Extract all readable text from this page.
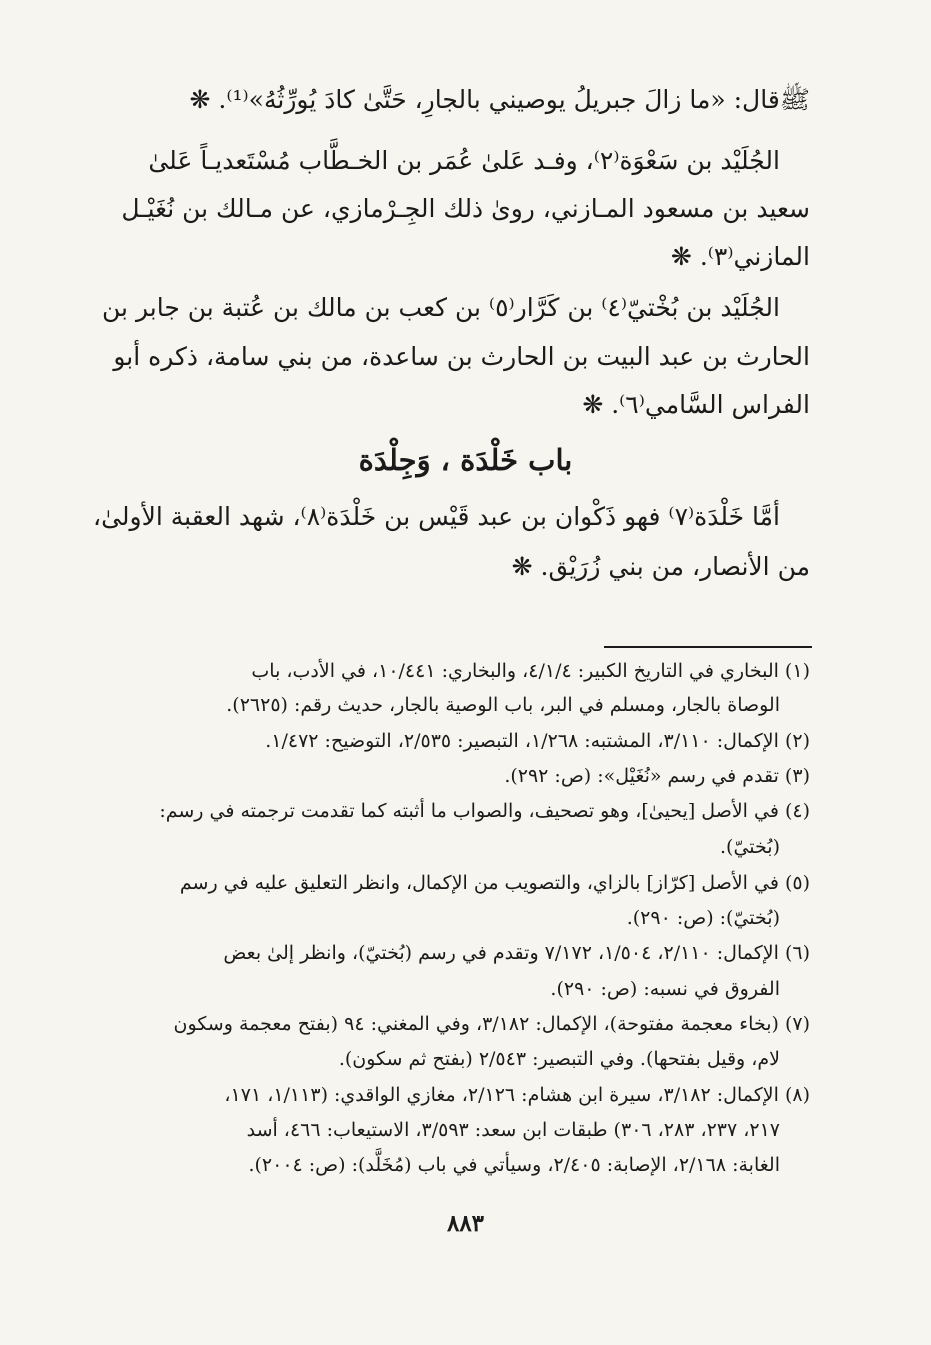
ﷺقال: «ما زالَ جبريلُ يوصيني بالجارِ، حَتَّىٰ كادَ يُورِّثُهُ»⁽¹⁾. ❋
الجُلَيْد بن سَعْوَة⁽٢⁾، وفـد عَلىٰ عُمَر بن الخـطَّاب مُسْتَعديـاً عَلىٰ
سعيد بن مسعود المـازني، روىٰ ذلك الجِـرْمازي، عن مـالك بن نُغَيْـل
المازني⁽٣⁾. ❋
الجُلَيْد بن بُخْتيّ⁽٤⁾ بن كَرَّار⁽٥⁾ بن كعب بن مالك بن عُتبة بن جابر بن
الحارث بن عبد البيت بن الحارث بن ساعدة، من بني سامة، ذكره أبو
الفراس السَّامي⁽٦⁾. ❋
باب خَلْدَة ، وَجِلْدَة
أمَّا خَلْدَة⁽٧⁾ فهو ذَكْوان بن عبد قَيْس بن خَلْدَة⁽٨⁾، شهد العقبة الأولىٰ،
من الأنصار، من بني زُرَيْق. ❋
(١) البخاري في التاريخ الكبير: ٤/١/٤، والبخاري: ١٠/٤٤١، في الأدب، باب
الوصاة بالجار، ومسلم في البر، باب الوصية بالجار، حديث رقم: (٢٦٢٥).
(٢) الإكمال: ٣/١١٠، المشتبه: ١/٢٦٨، التبصير: ٢/٥٣٥، التوضيح: ١/٤٧٢.
(٣) تقدم في رسم «نُغَيْل»: (ص: ٢٩٢).
(٤) في الأصل [يحيىٰ]، وهو تصحيف، والصواب ما أثبته كما تقدمت ترجمته في رسم:
(بُختيّ).
(٥) في الأصل [كرّاز] بالزاي، والتصويب من الإكمال، وانظر التعليق عليه في رسم
(بُختيّ): (ص: ٢٩٠).
(٦) الإكمال: ٢/١١٠، ١/٥٠٤، ٧/١٧٢ وتقدم في رسم (بُختيّ)، وانظر إلىٰ بعض
الفروق في نسبه: (ص: ٢٩٠).
(٧) (بخاء معجمة مفتوحة)، الإكمال: ٣/١٨٢، وفي المغني: ٩٤ (بفتح معجمة وسكون
لام، وقيل بفتحها). وفي التبصير: ٢/٥٤٣ (بفتح ثم سكون).
(٨) الإكمال: ٣/١٨٢، سيرة ابن هشام: ٢/١٢٦، مغازي الواقدي: (١/١١٣، ١٧١،
٢١٧، ٢٣٧، ٢٨٣، ٣٠٦) طبقات ابن سعد: ٣/٥٩٣، الاستيعاب: ٤٦٦، أسد
الغابة: ٢/١٦٨، الإصابة: ٢/٤٠٥، وسيأتي في باب (مُخَلَّد): (ص: ٢٠٠٤).
٨٨٣
